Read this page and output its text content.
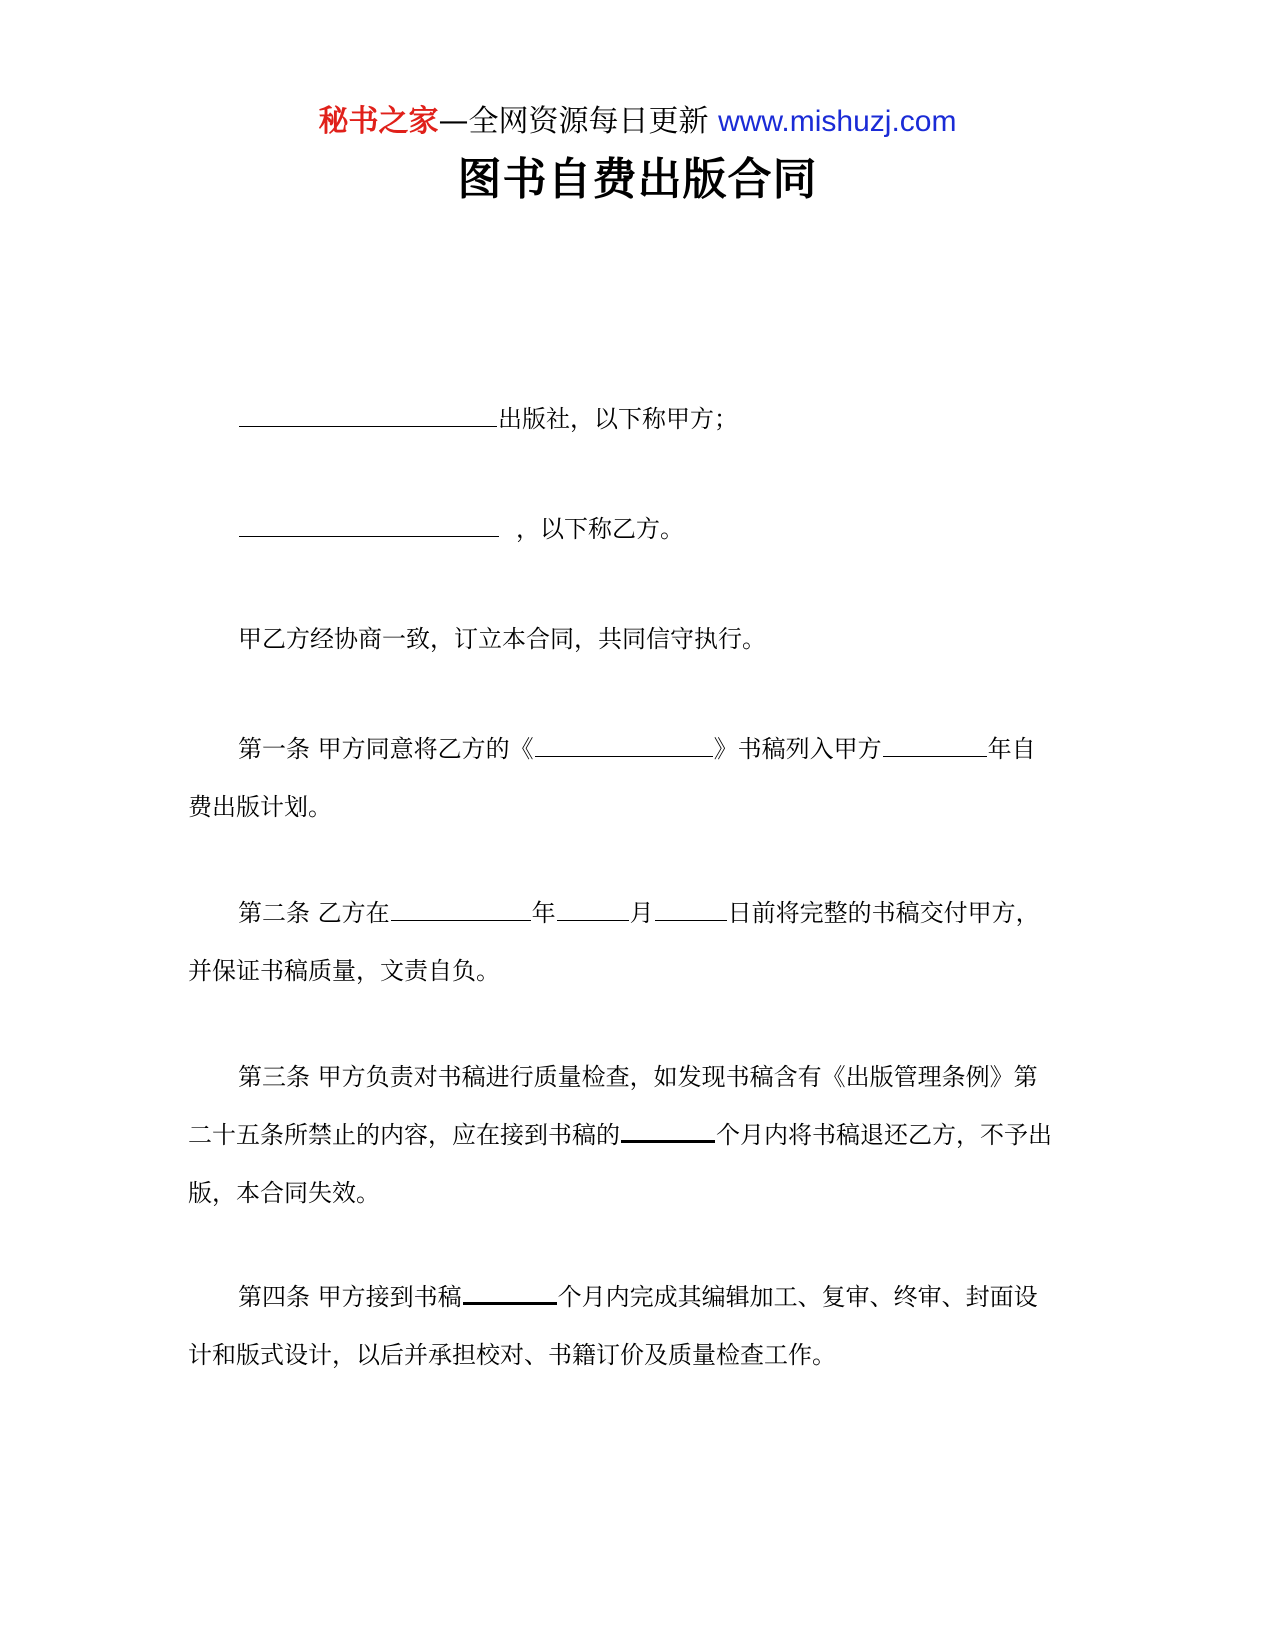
秘书之家—全网资源每日更新 www.mishuzj.com
图书自费出版合同
出版社，以下称甲方；
，以下称乙方。
甲乙方经协商一致，订立本合同，共同信守执行。
第一条 甲方同意将乙方的《	》书稿列入甲方	年自
费出版计划。
第二条 乙方在	年	月	日前将完整的书稿交付甲方，
并保证书稿质量，文责自负。
第三条 甲方负责对书稿进行质量检查，如发现书稿含有《出版管理条例》第
二十五条所禁止的内容，应在接到书稿的	个月内将书稿退还乙方，不予出
版，本合同失效。
第四条 甲方接到书稿	个月内完成其编辑加工、复审、终审、封面设
计和版式设计，以后并承担校对、书籍订价及质量检查工作。
